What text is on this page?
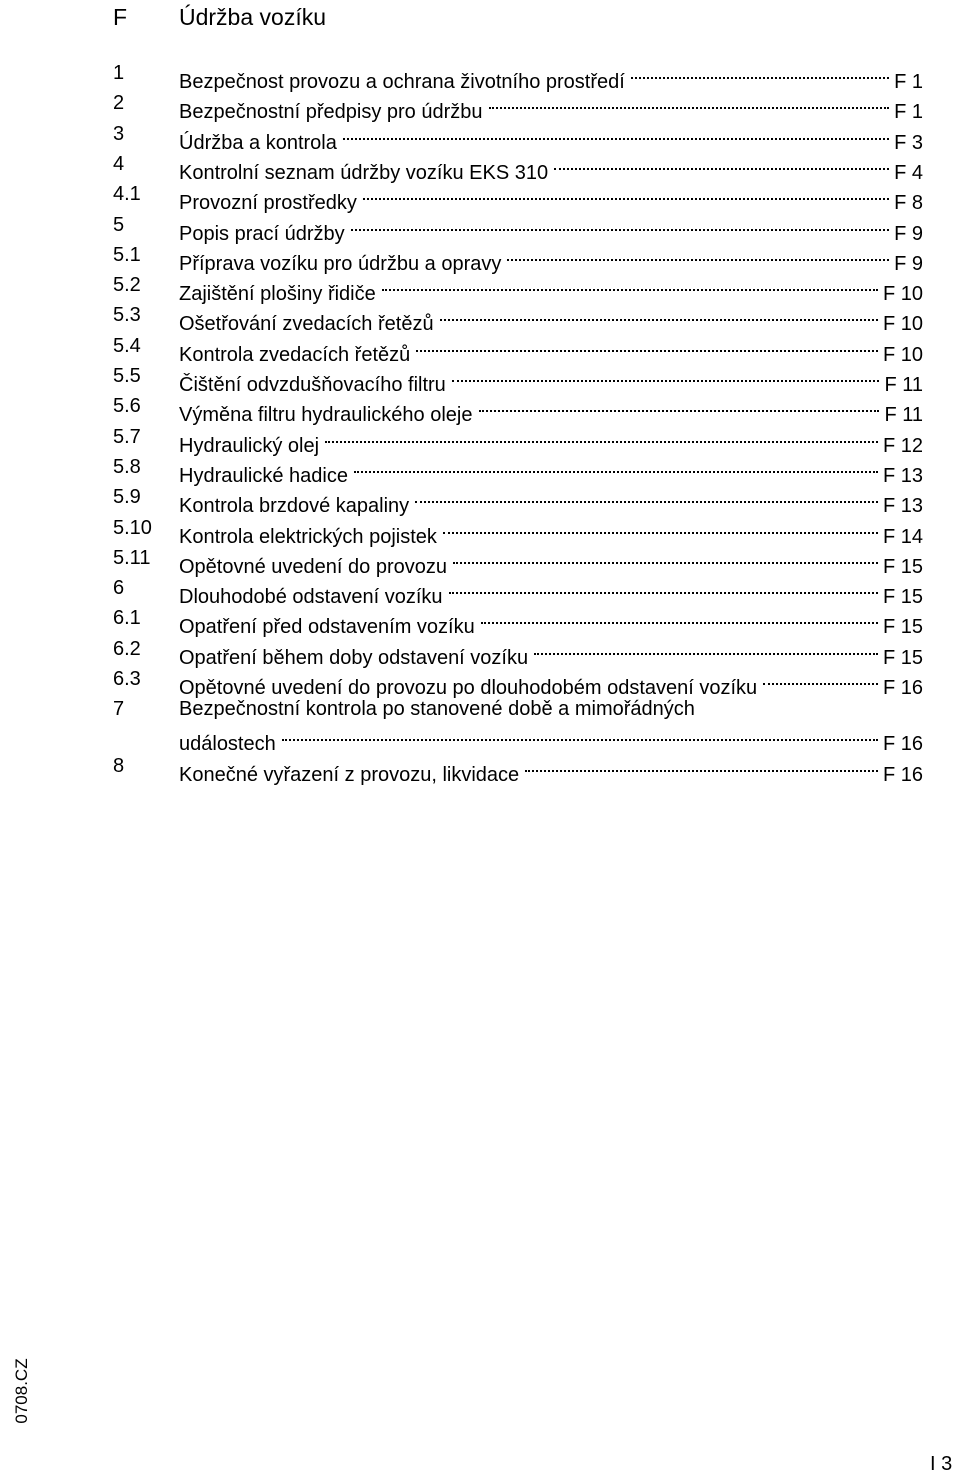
F Údržba vozíku
1	Bezpečnost provozu a ochrana životního prostředí	F 1
2	Bezpečnostní předpisy pro údržbu	F 1
3	Údržba a kontrola	F 3
4	Kontrolní seznam údržby vozíku EKS 310	F 4
4.1	Provozní prostředky	F 8
5	Popis prací údržby	F 9
5.1	Příprava vozíku pro údržbu a opravy	F 9
5.2	Zajištění plošiny řidiče	F 10
5.3	Ošetřování zvedacích řetězů	F 10
5.4	Kontrola zvedacích řetězů	F 10
5.5	Čištění odvzdušňovacího filtru	F 11
5.6	Výměna filtru hydraulického oleje	F 11
5.7	Hydraulický olej	F 12
5.8	Hydraulické hadice	F 13
5.9	Kontrola brzdové kapaliny	F 13
5.10	Kontrola elektrických pojistek	F 14
5.11	Opětovné uvedení do provozu	F 15
6	Dlouhodobé odstavení vozíku	F 15
6.1	Opatření před odstavením vozíku	F 15
6.2	Opatření během doby odstavení vozíku	F 15
6.3	Opětovné uvedení do provozu po dlouhodobém odstavení vozíku	F 16
7	Bezpečnostní kontrola po stanovené době a mimořádných
událostech	F 16
8	Konečné vyřazení z provozu, likvidace	F 16
0708.CZ
I 3
